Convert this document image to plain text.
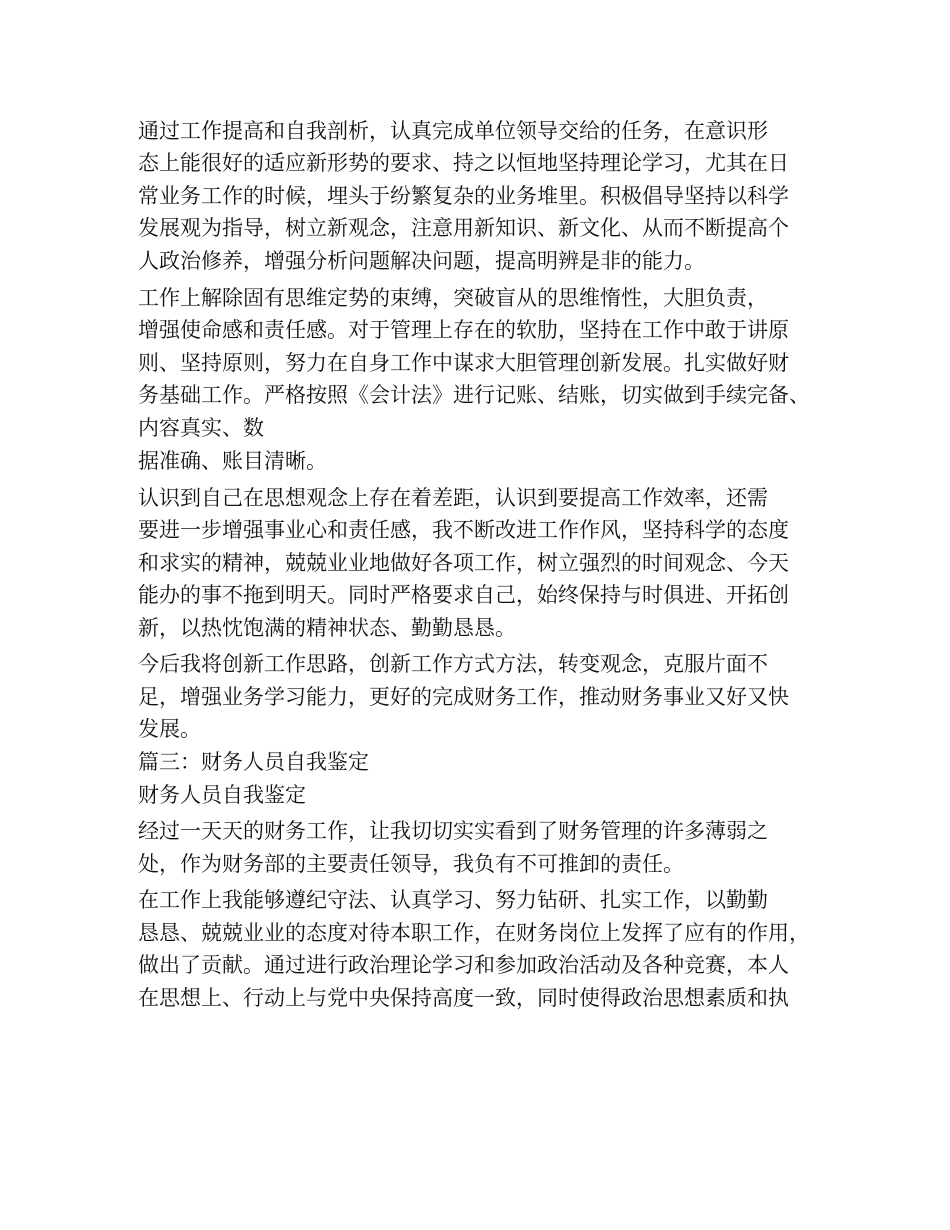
通过工作提高和自我剖析，认真完成单位领导交给的任务，在意识形
态上能很好的适应新形势的要求、持之以恒地坚持理论学习，尤其在日
常业务工作的时候，埋头于纷繁复杂的业务堆里。积极倡导坚持以科学
发展观为指导，树立新观念，注意用新知识、新文化、从而不断提高个
人政治修养，增强分析问题解决问题，提高明辨是非的能力。
工作上解除固有思维定势的束缚，突破盲从的思维惰性，大胆负责，
增强使命感和责任感。对于管理上存在的软肋，坚持在工作中敢于讲原
则、坚持原则，努力在自身工作中谋求大胆管理创新发展。扎实做好财
务基础工作。严格按照《会计法》进行记账、结账，切实做到手续完备、
内容真实、数
据准确、账目清晰。
认识到自己在思想观念上存在着差距，认识到要提高工作效率，还需
要进一步增强事业心和责任感，我不断改进工作作风，坚持科学的态度
和求实的精神，兢兢业业地做好各项工作，树立强烈的时间观念、今天
能办的事不拖到明天。同时严格要求自己，始终保持与时俱进、开拓创
新，以热忱饱满的精神状态、勤勤恳恳。
今后我将创新工作思路，创新工作方式方法，转变观念，克服片面不
足，增强业务学习能力，更好的完成财务工作，推动财务事业又好又快
发展。
篇三：财务人员自我鉴定
财务人员自我鉴定
经过一天天的财务工作，让我切切实实看到了财务管理的许多薄弱之
处，作为财务部的主要责任领导，我负有不可推卸的责任。
在工作上我能够遵纪守法、认真学习、努力钻研、扎实工作，以勤勤
恳恳、兢兢业业的态度对待本职工作，在财务岗位上发挥了应有的作用，
做出了贡献。通过进行政治理论学习和参加政治活动及各种竞赛，本人
在思想上、行动上与党中央保持高度一致，同时使得政治思想素质和执
